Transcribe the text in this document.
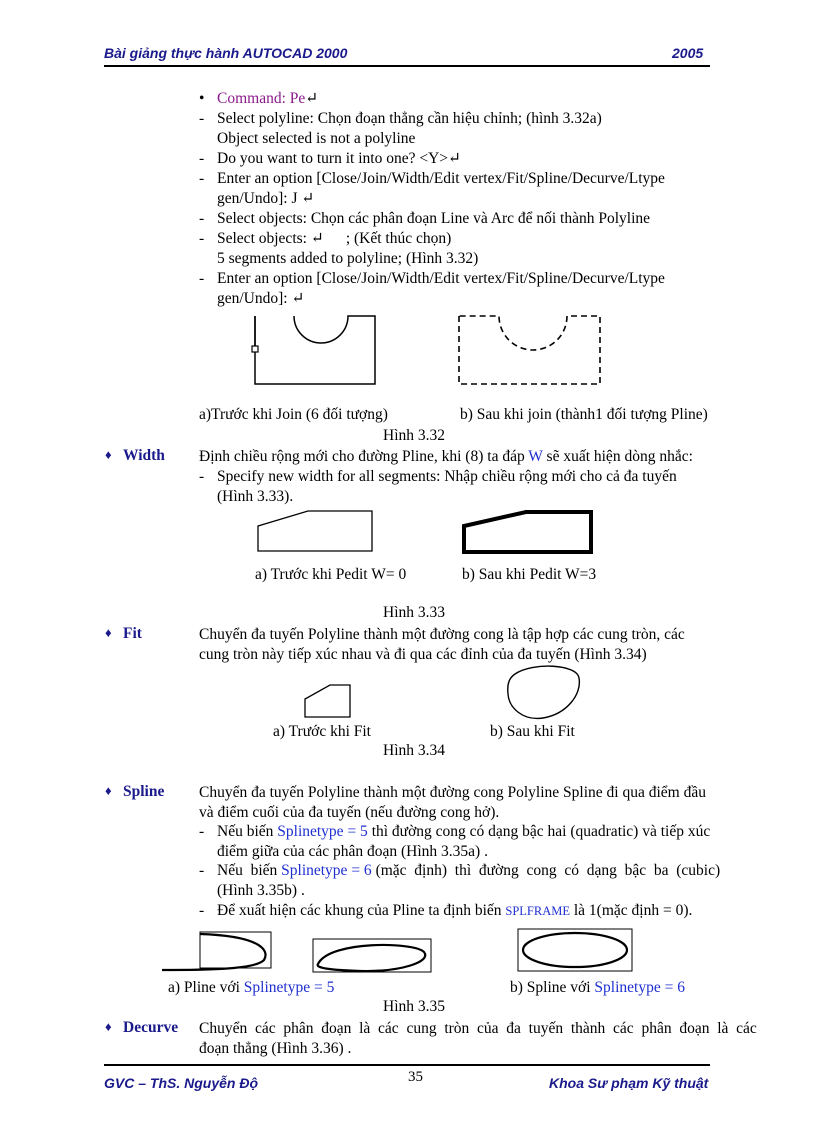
Bài giảng thực hành AUTOCAD 2000	2005
• Command: Pe↵
- Select polyline: Chọn đoạn thẳng cần hiệu chỉnh; (hình 3.32a)
Object selected is not a polyline
- Do you want to turn it into one? <Y>↵
- Enter an option [Close/Join/Width/Edit vertex/Fit/Spline/Decurve/Ltype
gen/Undo]: J ↵
- Select objects: Chọn các phân đoạn Line và Arc để nối thành Polyline
- Select objects: ↵ ; (Kết thúc chọn)
5 segments added to polyline; (Hình 3.32)
- Enter an option [Close/Join/Width/Edit vertex/Fit/Spline/Decurve/Ltype
gen/Undo]: ↵
a)Trước khi Join (6 đối tượng)	b) Sau khi join (thành1 đối tượng Pline)
Hình 3.32
♦ Width Định chiều rộng mới cho đường Pline, khi (8) ta đáp W sẽ xuất hiện dòng nhắc:
- Specify new width for all segments: Nhập chiều rộng mới cho cả đa tuyến
(Hình 3.33).
a) Trước khi Pedit W= 0	b) Sau khi Pedit W=3
Hình 3.33
♦ Fit	Chuyển đa tuyến Polyline thành một đường cong là tập hợp các cung tròn, các
cung tròn này tiếp xúc nhau và đi qua các đỉnh của đa tuyến (Hình 3.34)
a) Trước khi Fit	b) Sau khi Fit
Hình 3.34
♦ Spline Chuyển đa tuyến Polyline thành một đường cong Polyline Spline đi qua điểm đầu
và điểm cuối của đa tuyến (nếu đường cong hở).
- Nếu biến Splinetype = 5 thì đường cong có dạng bậc hai (quadratic) và tiếp xúc
điểm giữa của các phân đoạn (Hình 3.35a) .
- Nếu  biến Splinetype = 6 (mặc  định)  thì  đường  cong  có  dạng  bậc  ba  (cubic)
(Hình 3.35b) .
- Để xuất hiện các khung của Pline ta định biến SPLFRAME là 1(mặc định = 0).
a) Pline với Splinetype = 5	b) Spline với Splinetype = 6
Hình 3.35
♦ Decurve Chuyển  các  phân  đoạn  là  các  cung  tròn  của  đa  tuyến  thành  các  phân  đoạn  là  các
đoạn thẳng (Hình 3.36) .
GVC – ThS. Nguyễn Độ	35	Khoa Sư phạm Kỹ thuật
